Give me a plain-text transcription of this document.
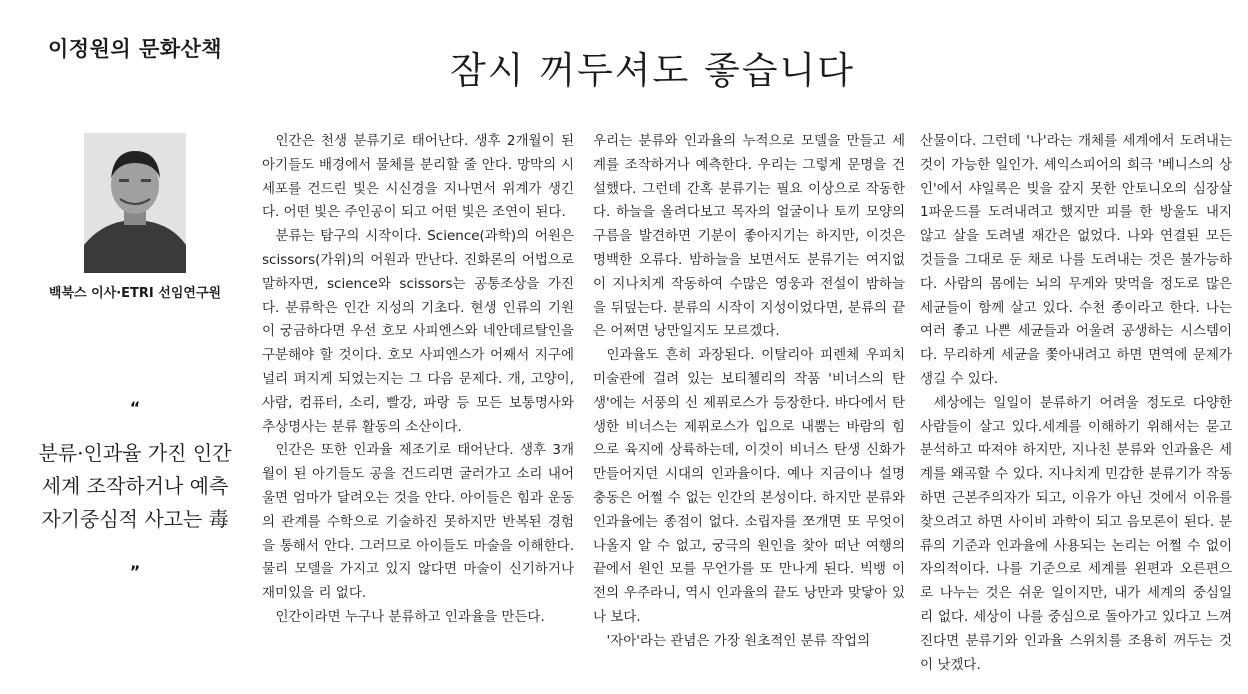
이정원의 문화산책	잠시 꺼두셔도 좋습니다
백북스 이사·ETRI 선임연구원
“
분류·인과율 가진 인간
세계 조작하거나 예측
자기중심적 사고는 毒
”

인간은 천생 분류기로 태어난다. 생후 2개월이 된 아기들도 배경에서 물체를 분리할 줄 안다. 망막의 시세포를 건드린 빛은 시신경을 지나면서 위계가 생긴다. 어떤 빛은 주인공이 되고 어떤 빛은 조연이 된다.

분류는 탐구의 시작이다. Science(과학)의 어원은 scissors(가위)의 어원과 만난다. 진화론의 어법으로 말하자면, science와 scissors는 공통조상을 가진다. 분류학은 인간 지성의 기초다. 현생 인류의 기원이 궁금하다면 우선 호모 사피엔스와 네안데르탈인을 구분해야 할 것이다. 호모 사피엔스가 어째서 지구에 널리 퍼지게 되었는지는 그 다음 문제다. 개, 고양이, 사람, 컴퓨터, 소리, 빨강, 파랑 등 모든 보통명사와 추상명사는 분류 활동의 소산이다.

인간은 또한 인과율 제조기로 태어난다. 생후 3개월이 된 아기들도 공을 건드리면 굴러가고 소리 내어 울면 엄마가 달려오는 것을 안다. 아이들은 힘과 운동의 관계를 수학으로 기술하진 못하지만 반복된 경험을 통해서 안다. 그러므로 아이들도 마술을 이해한다. 물리 모델을 가지고 있지 않다면 마술이 신기하거나 재미있을 리 없다.

인간이라면 누구나 분류하고 인과율을 만든다.

우리는 분류와 인과율의 누적으로 모델을 만들고 세계를 조작하거나 예측한다. 우리는 그렇게 문명을 건설했다. 그런데 간혹 분류기는 필요 이상으로 작동한다. 하늘을 올려다보고 목자의 얼굴이나 토끼 모양의 구름을 발견하면 기분이 좋아지기는 하지만, 이것은 명백한 오류다. 밤하늘을 보면서도 분류기는 여지없이 지나치게 작동하여 수많은 영웅과 전설이 밤하늘을 뒤덮는다. 분류의 시작이 지성이었다면, 분류의 끝은 어쩌면 낭만일지도 모르겠다.

인과율도 흔히 과장된다. 이탈리아 피렌체 우피치 미술관에 걸려 있는 보티첼리의 작품 '비너스의 탄생'에는 서풍의 신 제퓌로스가 등장한다. 바다에서 탄생한 비너스는 제퓌로스가 입으로 내뿜는 바람의 힘으로 육지에 상륙하는데, 이것이 비너스 탄생 신화가 만들어지던 시대의 인과율이다. 예나 지금이나 설명 충동은 어쩔 수 없는 인간의 본성이다. 하지만 분류와 인과율에는 종점이 없다. 소립자를 쪼개면 또 무엇이 나올지 알 수 없고, 궁극의 원인을 찾아 떠난 여행의 끝에서 원인 모를 무언가를 또 만나게 된다. 빅뱅 이전의 우주라니, 역시 인과율의 끝도 낭만과 맞닿아 있나 보다.

'자아'라는 관념은 가장 원초적인 분류 작업의

산물이다. 그런데 '나'라는 개체를 세계에서 도려내는 것이 가능한 일인가. 셰익스피어의 희극 '베니스의 상인'에서 샤일록은 빚을 갚지 못한 안토니오의 심장살 1파운드를 도려내려고 했지만 피를 한 방울도 내지 않고 살을 도려낼 재간은 없었다. 나와 연결된 모든 것들을 그대로 둔 채로 나를 도려내는 것은 불가능하다. 사람의 몸에는 뇌의 무게와 맞먹을 정도로 많은 세균들이 함께 살고 있다. 수천 종이라고 한다. 나는 여러 좋고 나쁜 세균들과 어울려 공생하는 시스템이다. 무리하게 세균을 쫓아내려고 하면 면역에 문제가 생길 수 있다.

세상에는 일일이 분류하기 어려울 정도로 다양한 사람들이 살고 있다.세계를 이해하기 위해서는 묻고 분석하고 따져야 하지만, 지나친 분류와 인과율은 세계를 왜곡할 수 있다. 지나치게 민감한 분류기가 작동하면 근본주의자가 되고, 이유가 아닌 것에서 이유를 찾으려고 하면 사이비 과학이 되고 음모론이 된다. 분류의 기준과 인과율에 사용되는 논리는 어쩔 수 없이 자의적이다. 나를 기준으로 세계를 왼편과 오른편으로 나누는 것은 쉬운 일이지만, 내가 세계의 중심일 리 없다. 세상이 나를 중심으로 돌아가고 있다고 느껴진다면 분류기와 인과율 스위치를 조용히 꺼두는 것이 낫겠다.
